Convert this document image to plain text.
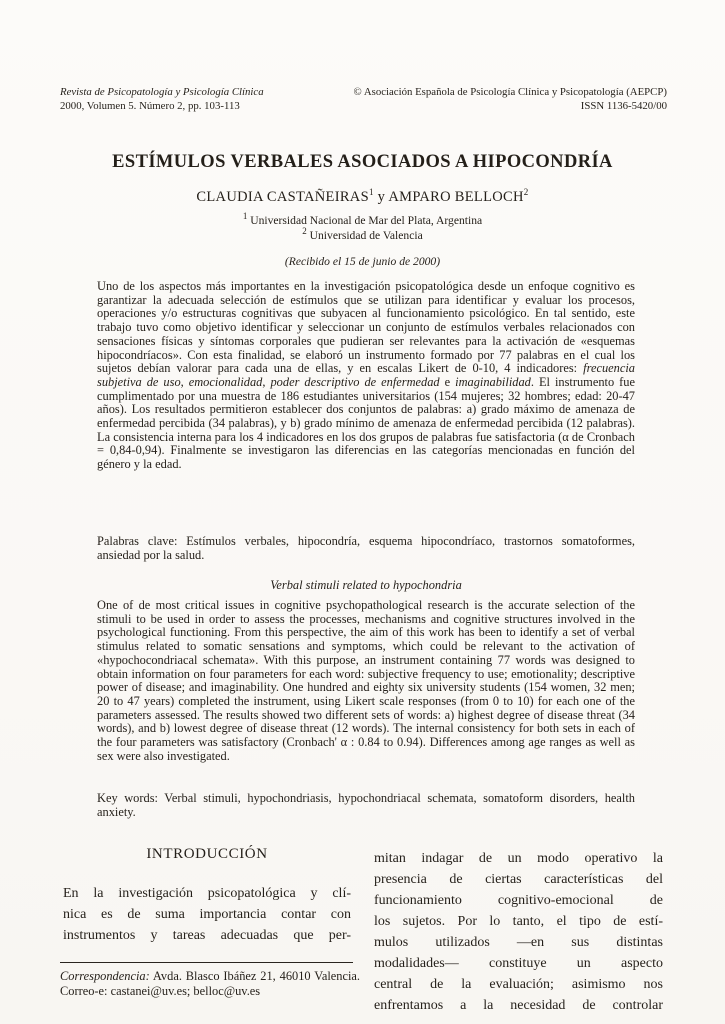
Revista de Psicopatología y Psicología Clínica
2000, Volumen 5. Número 2, pp. 103-113
© Asociación Española de Psicología Clínica y Psicopatología (AEPCP)
ISSN 1136-5420/00
ESTÍMULOS VERBALES ASOCIADOS A HIPOCONDRÍA
CLAUDIA CASTAÑEIRAS$^1$ y AMPARO BELLOCH$^2$
$^1$ Universidad Nacional de Mar del Plata, Argentina
$^2$ Universidad de Valencia
(Recibido el 15 de junio de 2000)
Uno de los aspectos más importantes en la investigación psicopatológica desde un enfoque cognitivo es garantizar la adecuada selección de estímulos que se utilizan para identificar y evaluar los procesos, operaciones y/o estructuras cognitivas que subyacen al funcionamiento psicológico. En tal sentido, este trabajo tuvo como objetivo identificar y seleccionar un conjunto de estímulos verbales relacionados con sensaciones físicas y síntomas corporales que pudieran ser relevantes para la activación de «esquemas hipocondríacos». Con esta finalidad, se elaboró un instrumento formado por 77 palabras en el cual los sujetos debían valorar para cada una de ellas, y en escalas Likert de 0-10, 4 indicadores: frecuencia subjetiva de uso, emocionalidad, poder descriptivo de enfermedad e imaginabilidad. El instrumento fue cumplimentado por una muestra de 186 estudiantes universitarios (154 mujeres; 32 hombres; edad: 20-47 años). Los resultados permitieron establecer dos conjuntos de palabras: a) grado máximo de amenaza de enfermedad percibida (34 palabras), y b) grado mínimo de amenaza de enfermedad percibida (12 palabras). La consistencia interna para los 4 indicadores en los dos grupos de palabras fue satisfactoria (α de Cronbach = 0,84-0,94). Finalmente se investigaron las diferencias en las categorías mencionadas en función del género y la edad.
Palabras clave: Estímulos verbales, hipocondría, esquema hipocondríaco, trastornos somatoformes, ansiedad por la salud.
Verbal stimuli related to hypochondria
One of de most critical issues in cognitive psychopathological research is the accurate selection of the stimuli to be used in order to assess the processes, mechanisms and cognitive structures involved in the psychological functioning. From this perspective, the aim of this work has been to identify a set of verbal stimulus related to somatic sensations and symptoms, which could be relevant to the activation of «hypochocondriacal schemata». With this purpose, an instrument containing 77 words was designed to obtain information on four parameters for each word: subjective frequency to use; emotionality; descriptive power of disease; and imaginability. One hundred and eighty six university students (154 women, 32 men; 20 to 47 years) completed the instrument, using Likert scale responses (from 0 to 10) for each one of the parameters assessed. The results showed two different sets of words: a) highest degree of disease threat (34 words), and b) lowest degree of disease threat (12 words). The internal consistency for both sets in each of the four parameters was satisfactory (Cronbach' α : 0.84 to 0.94). Differences among age ranges as well as sex were also investigated.
Key words: Verbal stimuli, hypochondriasis, hypochondriacal schemata, somatoform disorders, health anxiety.
INTRODUCCIÓN
En la investigación psicopatológica y clí-
nica es de suma importancia contar con
instrumentos y tareas adecuadas que per-
mitan indagar de un modo operativo la
presencia de ciertas características del
funcionamiento cognitivo-emocional de
los sujetos. Por lo tanto, el tipo de estí-
mulos utilizados —en sus distintas
modalidades— constituye un aspecto
central de la evaluación; asimismo nos
enfrentamos a la necesidad de controlar
Correspondencia: Avda. Blasco Ibáñez 21, 46010 Valencia. Correo-e: castanei@uv.es; belloc@uv.es
